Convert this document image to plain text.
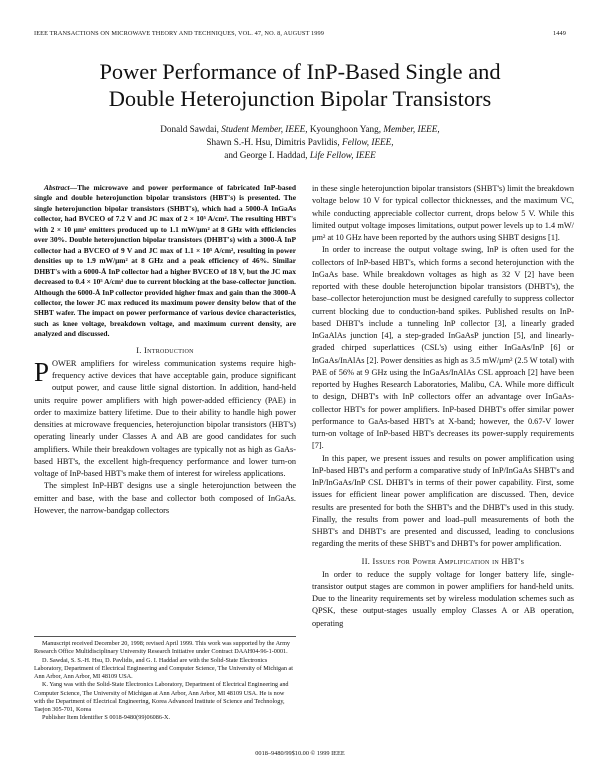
IEEE TRANSACTIONS ON MICROWAVE THEORY AND TECHNIQUES, VOL. 47, NO. 8, AUGUST 1999	1449
Power Performance of InP-Based Single and
Double Heterojunction Bipolar Transistors
Donald Sawdai, Student Member, IEEE, Kyounghoon Yang, Member, IEEE,
Shawn S.-H. Hsu, Dimitris Pavlidis, Fellow, IEEE,
and George I. Haddad, Life Fellow, IEEE

Abstract—The microwave and power performance of fabricated InP-based single and double heterojunction bipolar transistors (HBT's) is presented. The single heterojunction bipolar transistors (SHBT's), which had a 5000-Å InGaAs collector, had BVCEO of 7.2 V and JC max of 2 × 10⁵ A/cm². The resulting HBT's with 2 × 10 μm² emitters produced up to 1.1 mW/μm² at 8 GHz with efficiencies over 30%. Double heterojunction bipolar transistors (DHBT's) with a 3000-Å InP collector had a BVCEO of 9 V and JC max of 1.1 × 10⁵ A/cm², resulting in power densities up to 1.9 mW/μm² at 8 GHz and a peak efficiency of 46%. Similar DHBT's with a 6000-Å InP collector had a higher BVCEO of 18 V, but the JC max decreased to 0.4 × 10⁵ A/cm² due to current blocking at the base-collector junction. Although the 6000-Å InP collector provided higher fmax and gain than the 3000-Å collector, the lower JC max reduced its maximum power density below that of the SHBT wafer. The impact on power performance of various device characteristics, such as knee voltage, breakdown voltage, and maximum current density, are analyzed and discussed.

I. Introduction

POWER amplifiers for wireless communication systems require high-frequency active devices that have acceptable gain, produce significant output power, and cause little signal distortion. In addition, hand-held units require power amplifiers with high power-added efficiency (PAE) in order to maximize battery lifetime. Due to their ability to handle high power densities at microwave frequencies, heterojunction bipolar transistors (HBT's) operating linearly under Classes A and AB are good candidates for such amplifiers. While their breakdown voltages are typically not as high as GaAs-based HBT's, the excellent high-frequency performance and lower turn-on voltage of InP-based HBT's make them of interest for wireless applications.

The simplest InP-HBT designs use a single heterojunction between the emitter and base, with the base and collector both composed of InGaAs. However, the narrow-bandgap collectors

Manuscript received December 20, 1998; revised April 1999. This work was supported by the Army Research Office Multidisciplinary University Research Initiative under Contract DAAH04-96-1-0001.

D. Sawdai, S. S.-H. Hsu, D. Pavlidis, and G. I. Haddad are with the Solid-State Electronics Laboratory, Department of Electrical Engineering and Computer Science, The University of Michigan at Ann Arbor, Ann Arbor, MI 48109 USA.

K. Yang was with the Solid-State Electronics Laboratory, Department of Electrical Engineering and Computer Science, The University of Michigan at Ann Arbor, Ann Arbor, MI 48109 USA. He is now with the Department of Electrical Engineering, Korea Advanced Institute of Science and Technology, Taejon 305-701, Korea

Publisher Item Identifier S 0018-9480(99)06086-X.

in these single heterojunction bipolar transistors (SHBT's) limit the breakdown voltage below 10 V for typical collector thicknesses, and the maximum VC, while conducting appreciable collector current, drops below 5 V. While this limited output voltage imposes limitations, output power levels up to 1.4 mW/μm² at 10 GHz have been reported by the authors using SHBT designs [1].

In order to increase the output voltage swing, InP is often used for the collectors of InP-based HBT's, which forms a second heterojunction with the InGaAs base. While breakdown voltages as high as 32 V [2] have been reported with these double heterojunction bipolar transistors (DHBT's), the base–collector heterojunction must be designed carefully to suppress collector current blocking due to conduction-band spikes. Published results on InP-based DHBT's include a tunneling InP collector [3], a linearly graded InGaAlAs junction [4], a step-graded InGaAsP junction [5], and linearly-graded chirped superlattices (CSL's) using either InGaAs/InP [6] or InGaAs/InAlAs [2]. Power densities as high as 3.5 mW/μm² (2.5 W total) with PAE of 56% at 9 GHz using the InGaAs/InAlAs CSL approach [2] have been reported by Hughes Research Laboratories, Malibu, CA. While more difficult to design, DHBT's with InP collectors offer an advantage over InGaAs-collector HBT's for power amplifiers. InP-based DHBT's offer similar power performance to GaAs-based HBT's at X-band; however, the 0.67-V lower turn-on voltage of InP-based HBT's decreases its power-supply requirements [7].

In this paper, we present issues and results on power amplification using InP-based HBT's and perform a comparative study of InP/InGaAs SHBT's and InP/InGaAs/InP CSL DHBT's in terms of their power capability. First, some issues for efficient linear power amplification are discussed. Then, device results are presented for both the SHBT's and the DHBT's used in this study. Finally, the results from power and load–pull measurements of both the SHBT's and DHBT's are presented and discussed, leading to conclusions regarding the merits of these SHBT's and DHBT's for power amplification.

II. Issues for Power Amplification in HBT's

In order to reduce the supply voltage for longer battery life, single-transistor output stages are common in power amplifiers for hand-held units. Due to the linearity requirements set by wireless modulation schemes such as QPSK, these output-stages usually employ Classes A or AB operation, operating

0018–9480/99$10.00 © 1999 IEEE
